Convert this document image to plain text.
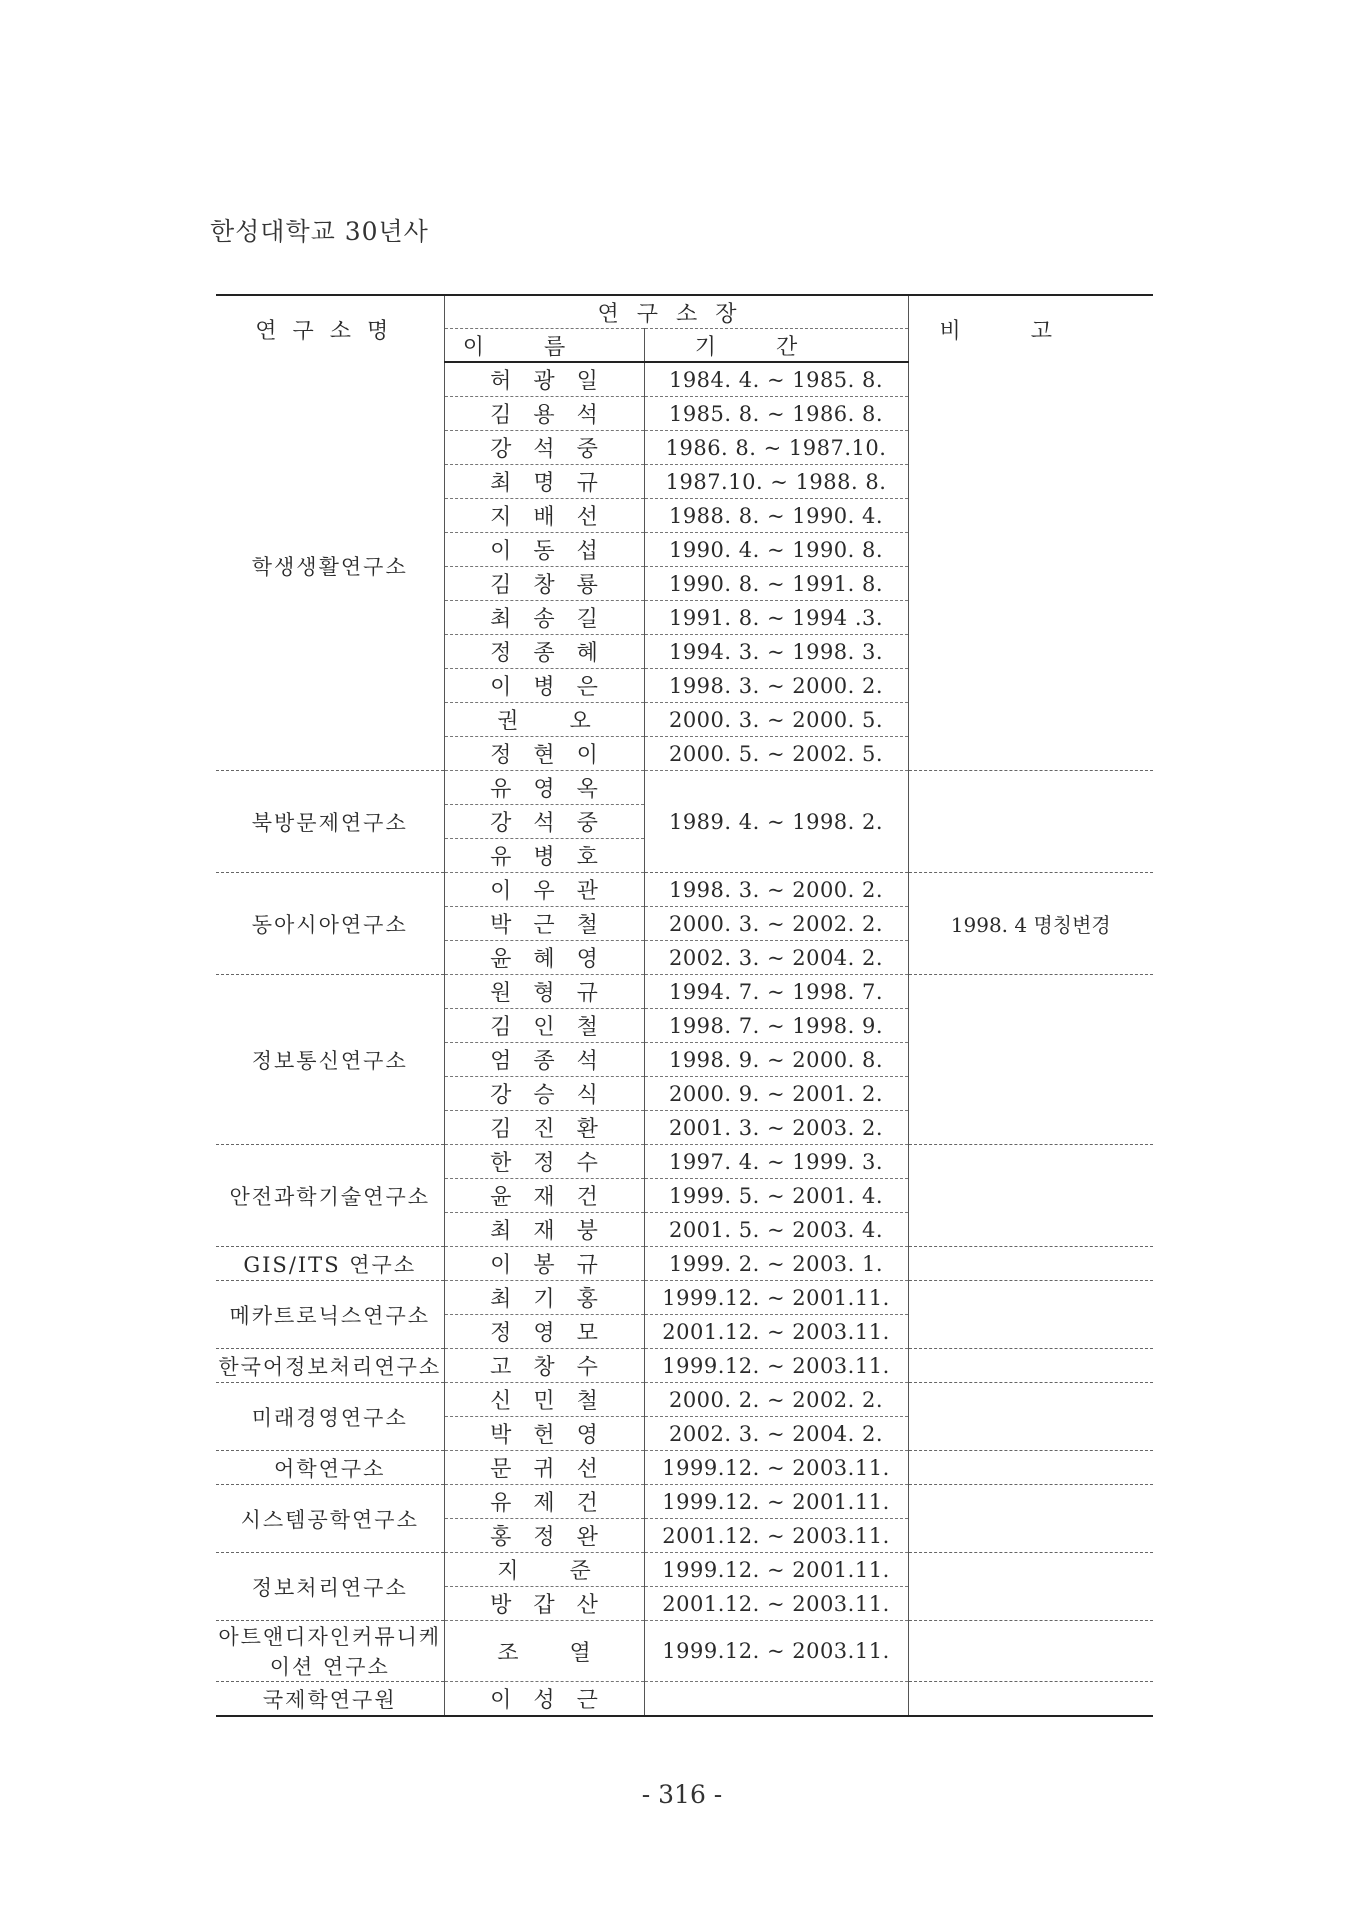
한성대학교 30년사
연구소명	연구소장		비고
	이름	기간	
학생생활연구소	허광일	1984. 4. ~ 1985. 8.	
	김용석	1985. 8. ~ 1986. 8.	
	강석중	1986. 8. ~ 1987.10.	
	최명규	1987.10. ~ 1988. 8.	
	지배선	1988. 8. ~ 1990. 4.	
	이동섭	1990. 4. ~ 1990. 8.	
	김창룡	1990. 8. ~ 1991. 8.	
	최송길	1991. 8. ~ 1994 .3.	
	정종혜	1994. 3. ~ 1998. 3.	
	이병은	1998. 3. ~ 2000. 2.	
	권 오	2000. 3. ~ 2000. 5.	
	정현이	2000. 5. ~ 2002. 5.	
북방문제연구소	유영옥	1989. 4. ~ 1998. 2.	
	강석중		
	유병호		
동아시아연구소	이우관	1998. 3. ~ 2000. 2.	1998. 4 명칭변경
	박근철	2000. 3. ~ 2002. 2.	
	윤혜영	2002. 3. ~ 2004. 2.	
정보통신연구소	원형규	1994. 7. ~ 1998. 7.	
	김인철	1998. 7. ~ 1998. 9.	
	엄종석	1998. 9. ~ 2000. 8.	
	강승식	2000. 9. ~ 2001. 2.	
	김진환	2001. 3. ~ 2003. 2.	
안전과학기술연구소	한정수	1997. 4. ~ 1999. 3.	
	윤재건	1999. 5. ~ 2001. 4.	
	최재붕	2001. 5. ~ 2003. 4.	
GIS/ITS 연구소	이봉규	1999. 2. ~ 2003. 1.	
메카트로닉스연구소	최기홍	1999.12. ~ 2001.11.	
	정영모	2001.12. ~ 2003.11.	
한국어정보처리연구소	고창수	1999.12. ~ 2003.11.	
미래경영연구소	신민철	2000. 2. ~ 2002. 2.	
	박헌영	2002. 3. ~ 2004. 2.	
어학연구소	문귀선	1999.12. ~ 2003.11.	
시스템공학연구소	유제건	1999.12. ~ 2001.11.	
	홍정완	2001.12. ~ 2003.11.	
정보처리연구소	지 준	1999.12. ~ 2001.11.	
	방갑산	2001.12. ~ 2003.11.	
아트앤디자인커뮤니케이션 연구소	조 열	1999.12. ~ 2003.11.	
국제학연구원	이성근		
- 316 -
